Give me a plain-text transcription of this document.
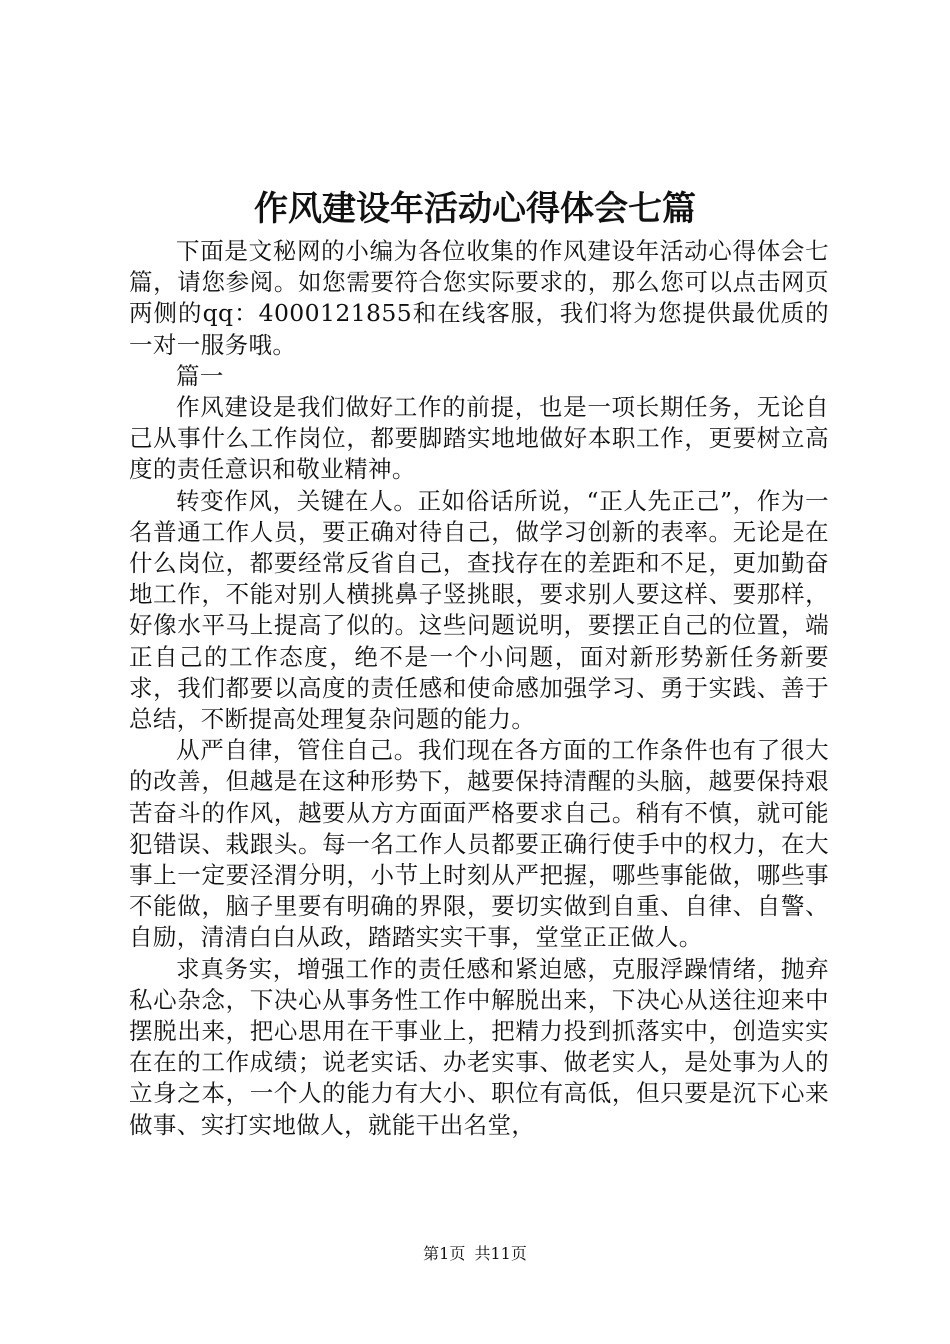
作风建设年活动心得体会七篇

下面是文秘网的小编为各位收集的作风建设年活动心得体会七篇，请您参阅。如您需要符合您实际要求的，那么您可以点击网页两侧的qq：4000121855和在线客服，我们将为您提供最优质的一对一服务哦。

篇一

作风建设是我们做好工作的前提，也是一项长期任务，无论自己从事什么工作岗位，都要脚踏实地地做好本职工作，更要树立高度的责任意识和敬业精神。

转变作风，关键在人。正如俗话所说，“正人先正己”，作为一名普通工作人员，要正确对待自己，做学习创新的表率。无论是在什么岗位，都要经常反省自己，查找存在的差距和不足，更加勤奋地工作，不能对别人横挑鼻子竖挑眼，要求别人要这样、要那样，好像水平马上提高了似的。这些问题说明，要摆正自己的位置，端正自己的工作态度，绝不是一个小问题，面对新形势新任务新要求，我们都要以高度的责任感和使命感加强学习、勇于实践、善于总结，不断提高处理复杂问题的能力。

从严自律，管住自己。我们现在各方面的工作条件也有了很大的改善，但越是在这种形势下，越要保持清醒的头脑，越要保持艰苦奋斗的作风，越要从方方面面严格要求自己。稍有不慎，就可能犯错误、栽跟头。每一名工作人员都要正确行使手中的权力，在大事上一定要泾渭分明，小节上时刻从严把握，哪些事能做，哪些事不能做，脑子里要有明确的界限，要切实做到自重、自律、自警、自励，清清白白从政，踏踏实实干事，堂堂正正做人。

求真务实，增强工作的责任感和紧迫感，克服浮躁情绪，抛弃私心杂念，下决心从事务性工作中解脱出来，下决心从送往迎来中摆脱出来，把心思用在干事业上，把精力投到抓落实中，创造实实在在的工作成绩；说老实话、办老实事、做老实人，是处事为人的立身之本，一个人的能力有大小、职位有高低，但只要是沉下心来做事、实打实地做人，就能干出名堂，

第1页 共11页
